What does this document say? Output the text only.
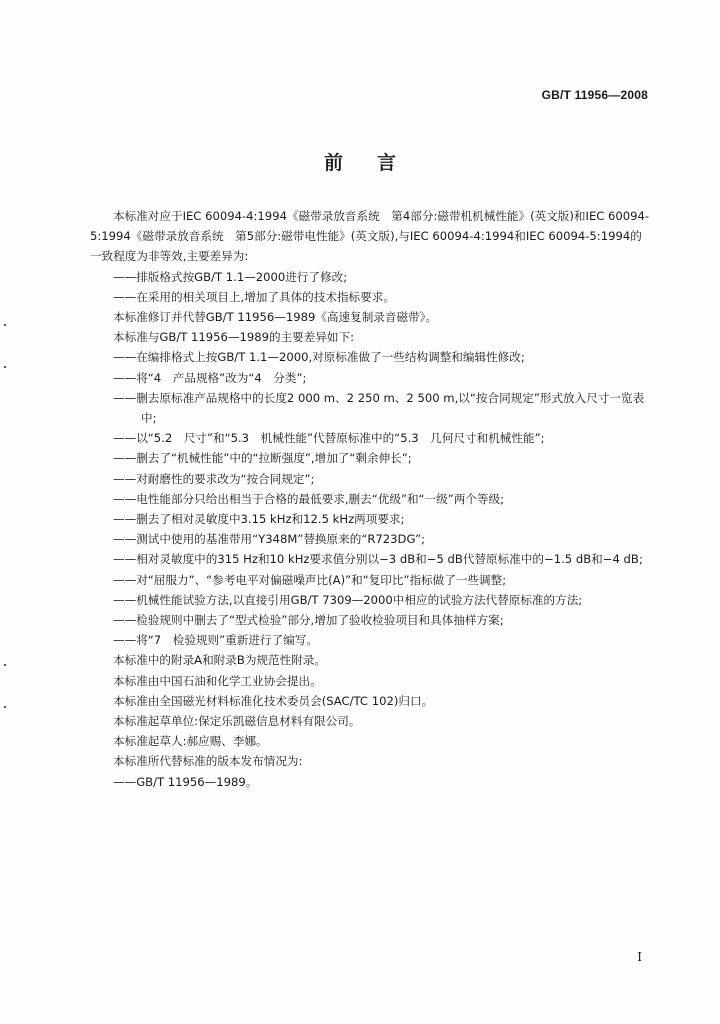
GB/T 11956—2008
前言

本标准对应于IEC 60094-4:1994《磁带录放音系统　第4部分:磁带机机械性能》(英文版)和IEC 60094-5:1994《磁带录放音系统　第5部分:磁带电性能》(英文版),与IEC 60094-4:1994和IEC 60094-5:1994的一致程度为非等效,主要差异为:

——排版格式按GB/T 1.1—2000进行了修改;

——在采用的相关项目上,增加了具体的技术指标要求。

本标准修订并代替GB/T 11956—1989《高速复制录音磁带》。

本标准与GB/T 11956—1989的主要差异如下:

——在编排格式上按GB/T 1.1—2000,对原标准做了一些结构调整和编辑性修改;

——将“4　产品规格”改为“4　分类”;

——删去原标准产品规格中的长度2 000 m、2 250 m、2 500 m,以“按合同规定”形式放入尺寸一览表中;

——以“5.2　尺寸”和“5.3　机械性能”代替原标准中的“5.3　几何尺寸和机械性能”;

——删去了“机械性能”中的“拉断强度”,增加了“剩余伸长”;

——对耐磨性的要求改为“按合同规定”;

——电性能部分只给出相当于合格的最低要求,删去“优级”和“一级”两个等级;

——删去了相对灵敏度中3.15 kHz和12.5 kHz两项要求;

——测试中使用的基准带用“Y348M”替换原来的“R723DG”;

——相对灵敏度中的315 Hz和10 kHz要求值分别以−3 dB和−5 dB代替原标准中的−1.5 dB和−4 dB;

——对“屈服力”、“参考电平对偏磁噪声比(A)”和“复印比”指标做了一些调整;

——机械性能试验方法,以直接引用GB/T 7309—2000中相应的试验方法代替原标准的方法;

——检验规则中删去了“型式检验”部分,增加了验收检验项目和具体抽样方案;

——将“7　检验规则”重新进行了编写。

本标准中的附录A和附录B为规范性附录。

本标准由中国石油和化学工业协会提出。

本标准由全国磁光材料标准化技术委员会(SAC/TC 102)归口。

本标准起草单位:保定乐凯磁信息材料有限公司。

本标准起草人:郝应赐、李娜。

本标准所代替标准的版本发布情况为:

——GB/T 11956—1989。

I
